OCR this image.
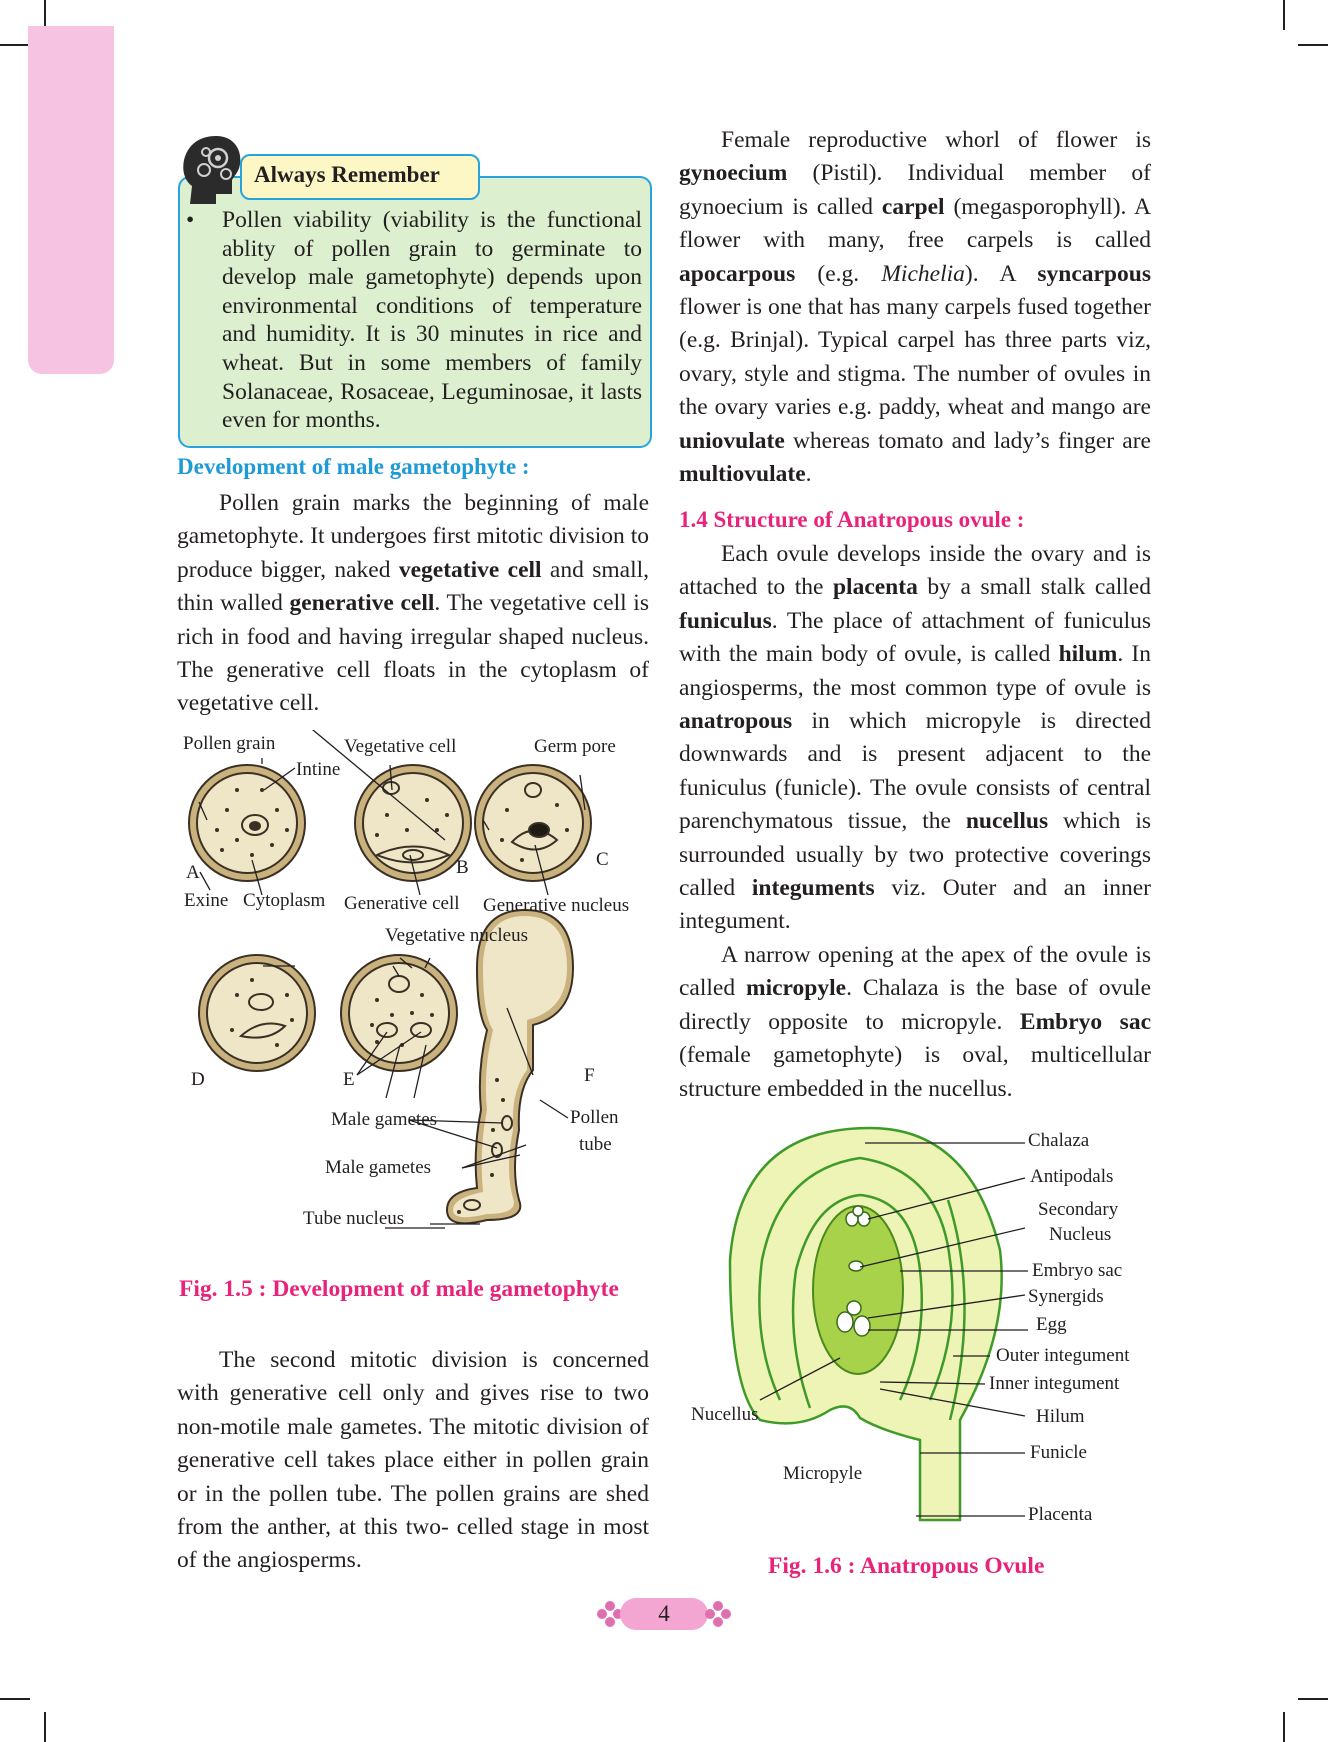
Always Remember
• Pollen viability (viability is the functional ablity of pollen grain to germinate to develop male gametophyte) depends upon environmental conditions of temperature and humidity. It is 30 minutes in rice and wheat. But in some members of family Solanaceae, Rosaceae, Leguminosae, it lasts even for months.
Development of male gametophyte :

Pollen grain marks the beginning of male gametophyte. It undergoes first mitotic division to produce bigger, naked vegetative cell and small, thin walled generative cell. The vegetative cell is rich in food and having irregular shaped nucleus. The generative cell floats in the cytoplasm of vegetative cell.

Pollen grain
Intine
Vegetative cell	Germ pore
A	B	C
Exine Cytoplasm Generative cell Generative nucleus
Vegetative nucleus
D	E	F
Male gametes	Pollen
tube
Male gametes
Tube nucleus
Fig. 1.5 : Development of male gametophyte

The second mitotic division is concerned with generative cell only and gives rise to two non-motile male gametes. The mitotic division of generative cell takes place either in pollen grain or in the pollen tube. The pollen grains are shed from the anther, at this two- celled stage in most of the angiosperms.

Female reproductive whorl of flower is gynoecium (Pistil). Individual member of gynoecium is called carpel (megasporophyll). A flower with many, free carpels is called apocarpous (e.g. Michelia). A syncarpous flower is one that has many carpels fused together (e.g. Brinjal). Typical carpel has three parts viz, ovary, style and stigma. The number of ovules in the ovary varies e.g. paddy, wheat and mango are uniovulate whereas tomato and lady’s finger are multiovulate.

1.4 Structure of Anatropous ovule :

Each ovule develops inside the ovary and is attached to the placenta by a small stalk called funiculus. The place of attachment of funiculus with the main body of ovule, is called hilum. In angiosperms, the most common type of ovule is anatropous in which micropyle is directed downwards and is present adjacent to the funiculus (funicle). The ovule consists of central parenchymatous tissue, the nucellus which is surrounded usually by two protective coverings called integuments viz. Outer and an inner integument.

A narrow opening at the apex of the ovule is called micropyle. Chalaza is the base of ovule directly opposite to micropyle. Embryo sac (female gametophyte) is oval, multicellular structure embedded in the nucellus.

Chalaza
Antipodals
Secondary
Nucleus
Embryo sac
Synergids
Egg
Outer integument
Inner integument
Nucellus	Hilum
Funicle
Micropyle
Placenta
Fig. 1.6 : Anatropous Ovule
4
